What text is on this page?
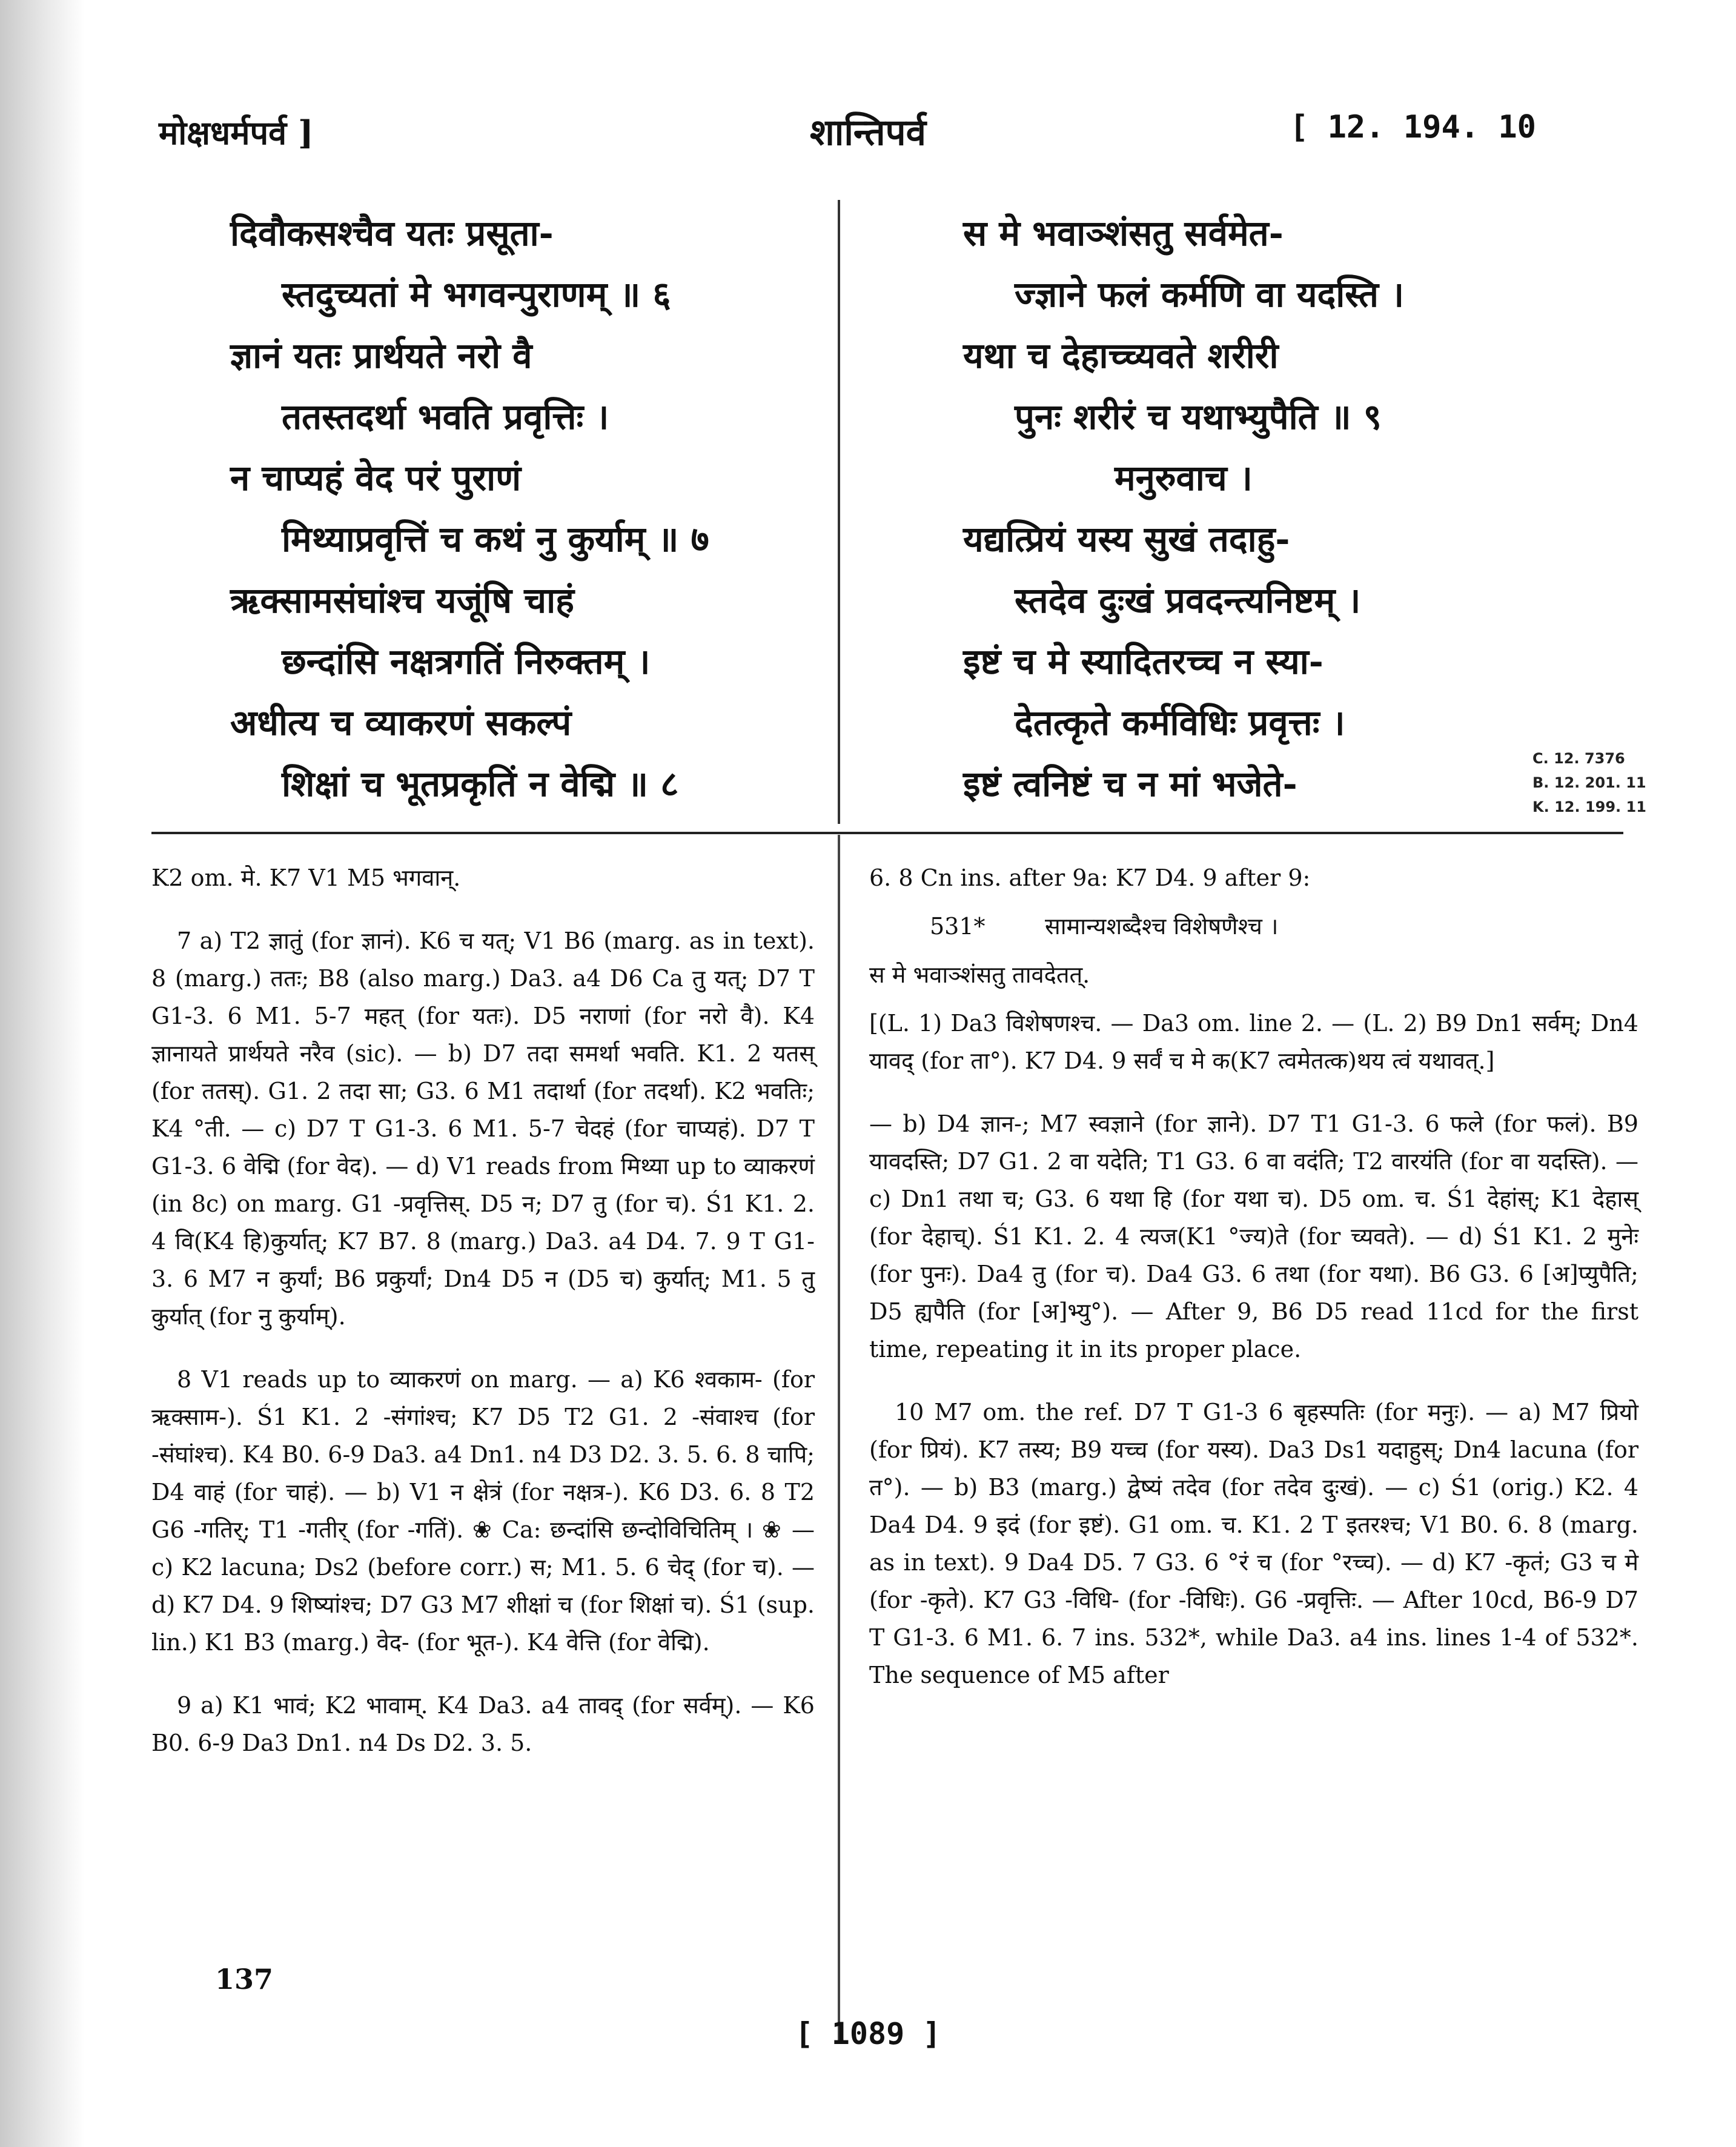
मोक्षधर्मपर्व ]	शान्तिपर्व	[ 12. 194. 10
दिवौकसश्चैव यतः प्रसूता-
स्तदुच्यतां मे भगवन्पुराणम् ॥ ६
ज्ञानं यतः प्रार्थयते नरो वै
ततस्तदर्था भवति प्रवृत्तिः ।
न चाप्यहं वेद परं पुराणं
मिथ्याप्रवृत्तिं च कथं नु कुर्याम् ॥ ७
ऋक्सामसंघांश्च यजूंषि चाहं
छन्दांसि नक्षत्रगतिं निरुक्तम् ।
अधीत्य च व्याकरणं सकल्पं
शिक्षां च भूतप्रकृतिं न वेद्मि ॥ ८
स मे भवाञ्शंसतु सर्वमेत-
ज्ज्ञाने फलं कर्मणि वा यदस्ति ।
यथा च देहाच्च्यवते शरीरी
पुनः शरीरं च यथाभ्युपैति ॥ ९
मनुरुवाच ।
यद्यत्प्रियं यस्य सुखं तदाहु-
स्तदेव दुःखं प्रवदन्त्यनिष्टम् ।
इष्टं च मे स्यादितरच्च न स्या-
देतत्कृते कर्मविधिः प्रवृत्तः ।
इष्टं त्वनिष्टं च न मां भजेते-
C. 12. 7376
B. 12. 201. 11
K. 12. 199. 11

K2 om. मे. K7 V1 M5 भगवान्.

7 a) T2 ज्ञातुं (for ज्ञानं). K6 च यत्; V1 B6 (marg. as in text). 8 (marg.) ततः; B8 (also marg.) Da3. a4 D6 Ca तु यत्; D7 T G1-3. 6 M1. 5-7 महत् (for यतः). D5 नराणां (for नरो वै). K4 ज्ञानायते प्रार्थयते नरैव (sic). — b) D7 तदा समर्था भवति. K1. 2 यतस् (for ततस्). G1. 2 तदा सा; G3. 6 M1 तदार्था (for तदर्था). K2 भवतिः; K4 °ती. — c) D7 T G1-3. 6 M1. 5-7 चेदहं (for चाप्यहं). D7 T G1-3. 6 वेद्मि (for वेद). — d) V1 reads from मिथ्या up to व्याकरणं (in 8c) on marg. G1 -प्रवृत्तिस्. D5 न; D7 तु (for च). Ś1 K1. 2. 4 वि(K4 हि)कुर्यात्; K7 B7. 8 (marg.) Da3. a4 D4. 7. 9 T G1-3. 6 M7 न कुर्यां; B6 प्रकुर्यां; Dn4 D5 न (D5 च) कुर्यात्; M1. 5 तु कुर्यात् (for नु कुर्याम्).

8 V1 reads up to व्याकरणं on marg. — a) K6 श्वकाम- (for ऋक्साम-). Ś1 K1. 2 -संगांश्च; K7 D5 T2 G1. 2 -संवाश्च (for -संघांश्च). K4 B0. 6-9 Da3. a4 Dn1. n4 D3 D2. 3. 5. 6. 8 चापि; D4 वाहं (for चाहं). — b) V1 न क्षेत्रं (for नक्षत्र-). K6 D3. 6. 8 T2 G6 -गतिर्; T1 -गतीर् (for -गतिं). ❀ Ca: छन्दांसि छन्दोविचितिम् । ❀ — c) K2 lacuna; Ds2 (before corr.) स; M1. 5. 6 चेद् (for च). — d) K7 D4. 9 शिष्यांश्च; D7 G3 M7 शीक्षां च (for शिक्षां च). Ś1 (sup. lin.) K1 B3 (marg.) वेद- (for भूत-). K4 वेत्ति (for वेद्मि).

9 a) K1 भावं; K2 भावाम्. K4 Da3. a4 तावद् (for सर्वम्). — K6 B0. 6-9 Da3 Dn1. n4 Ds D2. 3. 5.

6. 8 Cn ins. after 9a: K7 D4. 9 after 9:

531*	सामान्यशब्दैश्च विशेषणैश्च ।

स मे भवाञ्शंसतु तावदेतत्.

[(L. 1) Da3 विशेषणश्च. — Da3 om. line 2. — (L. 2) B9 Dn1 सर्वम्; Dn4 यावद् (for ता°). K7 D4. 9 सर्वं च मे क(K7 त्वमेतत्क)थय त्वं यथावत्.]

— b) D4 ज्ञान-; M7 स्वज्ञाने (for ज्ञाने). D7 T1 G1-3. 6 फले (for फलं). B9 यावदस्ति; D7 G1. 2 वा यदेति; T1 G3. 6 वा वदंति; T2 वारयंति (for वा यदस्ति). — c) Dn1 तथा च; G3. 6 यथा हि (for यथा च). D5 om. च. Ś1 देहांस्; K1 देहास् (for देहाच्). Ś1 K1. 2. 4 त्यज(K1 °ज्य)ते (for च्यवते). — d) Ś1 K1. 2 मुनेः (for पुनः). Da4 तु (for च). Da4 G3. 6 तथा (for यथा). B6 G3. 6 [अ]प्युपैति; D5 ह्यपैति (for [अ]भ्यु°). — After 9, B6 D5 read 11cd for the first time, repeating it in its proper place.

10 M7 om. the ref. D7 T G1-3 6 बृहस्पतिः (for मनुः). — a) M7 प्रियो (for प्रियं). K7 तस्य; B9 यच्च (for यस्य). Da3 Ds1 यदाहुस्; Dn4 lacuna (for त°). — b) B3 (marg.) द्वेष्यं तदेव (for तदेव दुःखं). — c) Ś1 (orig.) K2. 4 Da4 D4. 9 इदं (for इष्टं). G1 om. च. K1. 2 T इतरश्च; V1 B0. 6. 8 (marg. as in text). 9 Da4 D5. 7 G3. 6 °रं च (for °रच्च). — d) K7 -कृतं; G3 च मे (for -कृते). K7 G3 -विधि- (for -विधिः). G6 -प्रवृत्तिः. — After 10cd, B6-9 D7 T G1-3. 6 M1. 6. 7 ins. 532*, while Da3. a4 ins. lines 1-4 of 532*. The sequence of M5 after

137
[ 1089 ]
